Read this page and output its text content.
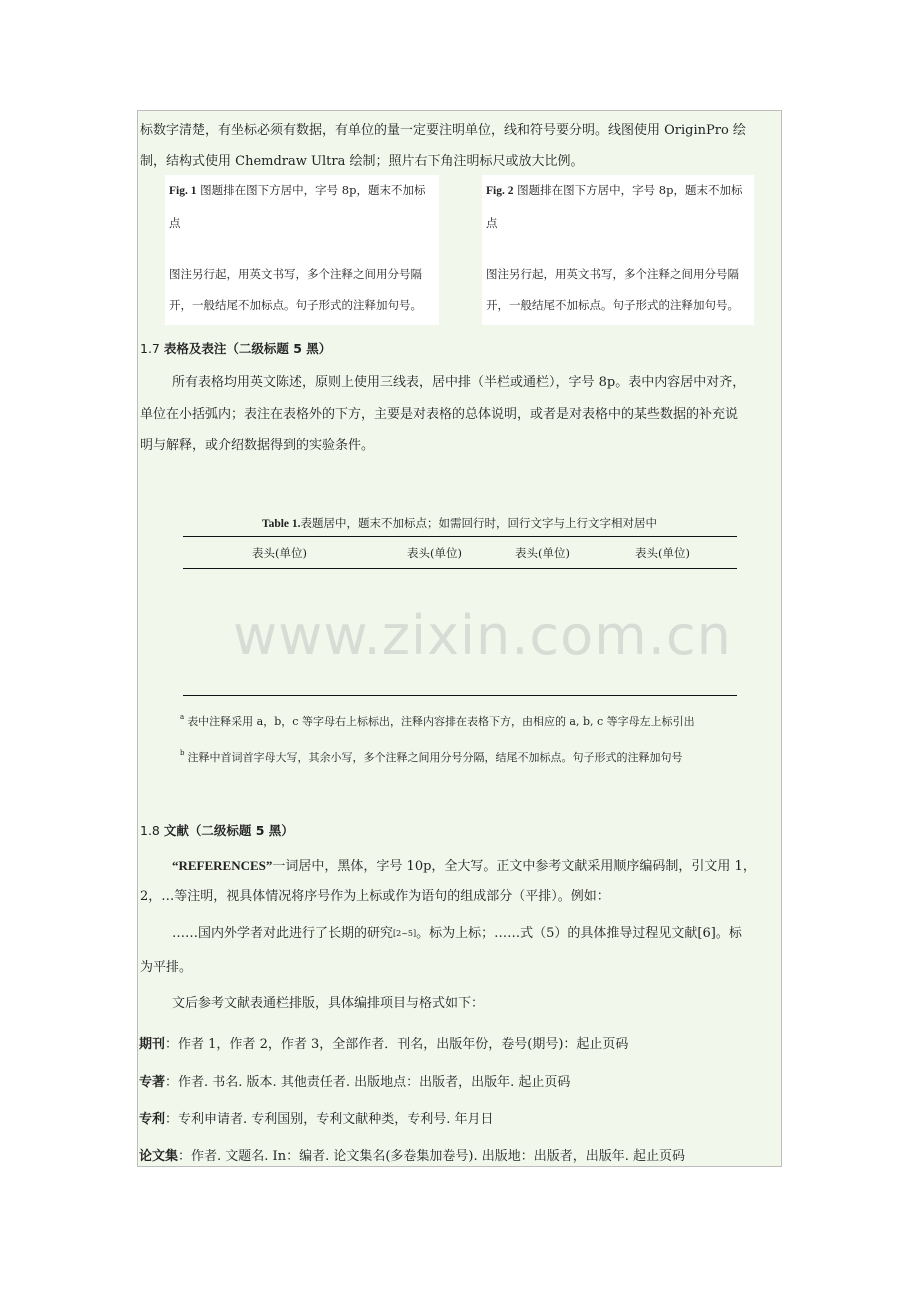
标数字清楚，有坐标必须有数据，有单位的量一定要注明单位，线和符号要分明。线图使用 OriginPro 绘
制，结构式使用 Chemdraw Ultra 绘制；照片右下角注明标尺或放大比例。
Fig. 1 图题排在图下方居中，字号 8p，题末不加标
点
图注另行起，用英文书写，多个注释之间用分号隔
开，一般结尾不加标点。句子形式的注释加句号。
Fig. 2 图题排在图下方居中，字号 8p，题末不加标
点
图注另行起，用英文书写，多个注释之间用分号隔
开，一般结尾不加标点。句子形式的注释加句号。
1.7 表格及表注（二级标题 5 黑）
所有表格均用英文陈述，原则上使用三线表，居中排（半栏或通栏），字号 8p。表中内容居中对齐，
单位在小括弧内；表注在表格外的下方，主要是对表格的总体说明，或者是对表格中的某些数据的补充说
明与解释，或介绍数据得到的实验条件。
Table 1.表题居中，题末不加标点；如需回行时，回行文字与上行文字相对居中
表头(单位)	表头(单位)	表头(单位)	表头(单位)
$^a$ 表中注释采用 a，b，c 等字母右上标标出，注释内容排在表格下方，由相应的 a, b, c 等字母左上标引出
$^b$ 注释中首词首字母大写，其余小写，多个注释之间用分号分隔，结尾不加标点。句子形式的注释加句号
1.8 文献（二级标题 5 黑）
“REFERENCES”一词居中，黑体，字号 10p，全大写。正文中参考文献采用顺序编码制，引文用 1，
2，…等注明，视具体情况将序号作为上标或作为语句的组成部分（平排）。例如：
……国内外学者对此进行了长期的研究[2~5]。标为上标；……式（5）的具体推导过程见文献[6]。标
为平排。
文后参考文献表通栏排版，具体编排项目与格式如下：
期刊：作者 1，作者 2，作者 3，全部作者．刊名，出版年份，卷号(期号)：起止页码
专著：作者. 书名. 版本. 其他责任者. 出版地点：出版者，出版年. 起止页码
专利：专利申请者. 专利国别，专利文献种类，专利号. 年月日
论文集：作者. 文题名. In：编者. 论文集名(多卷集加卷号). 出版地：出版者，出版年. 起止页码
www.zixin.com.cn
